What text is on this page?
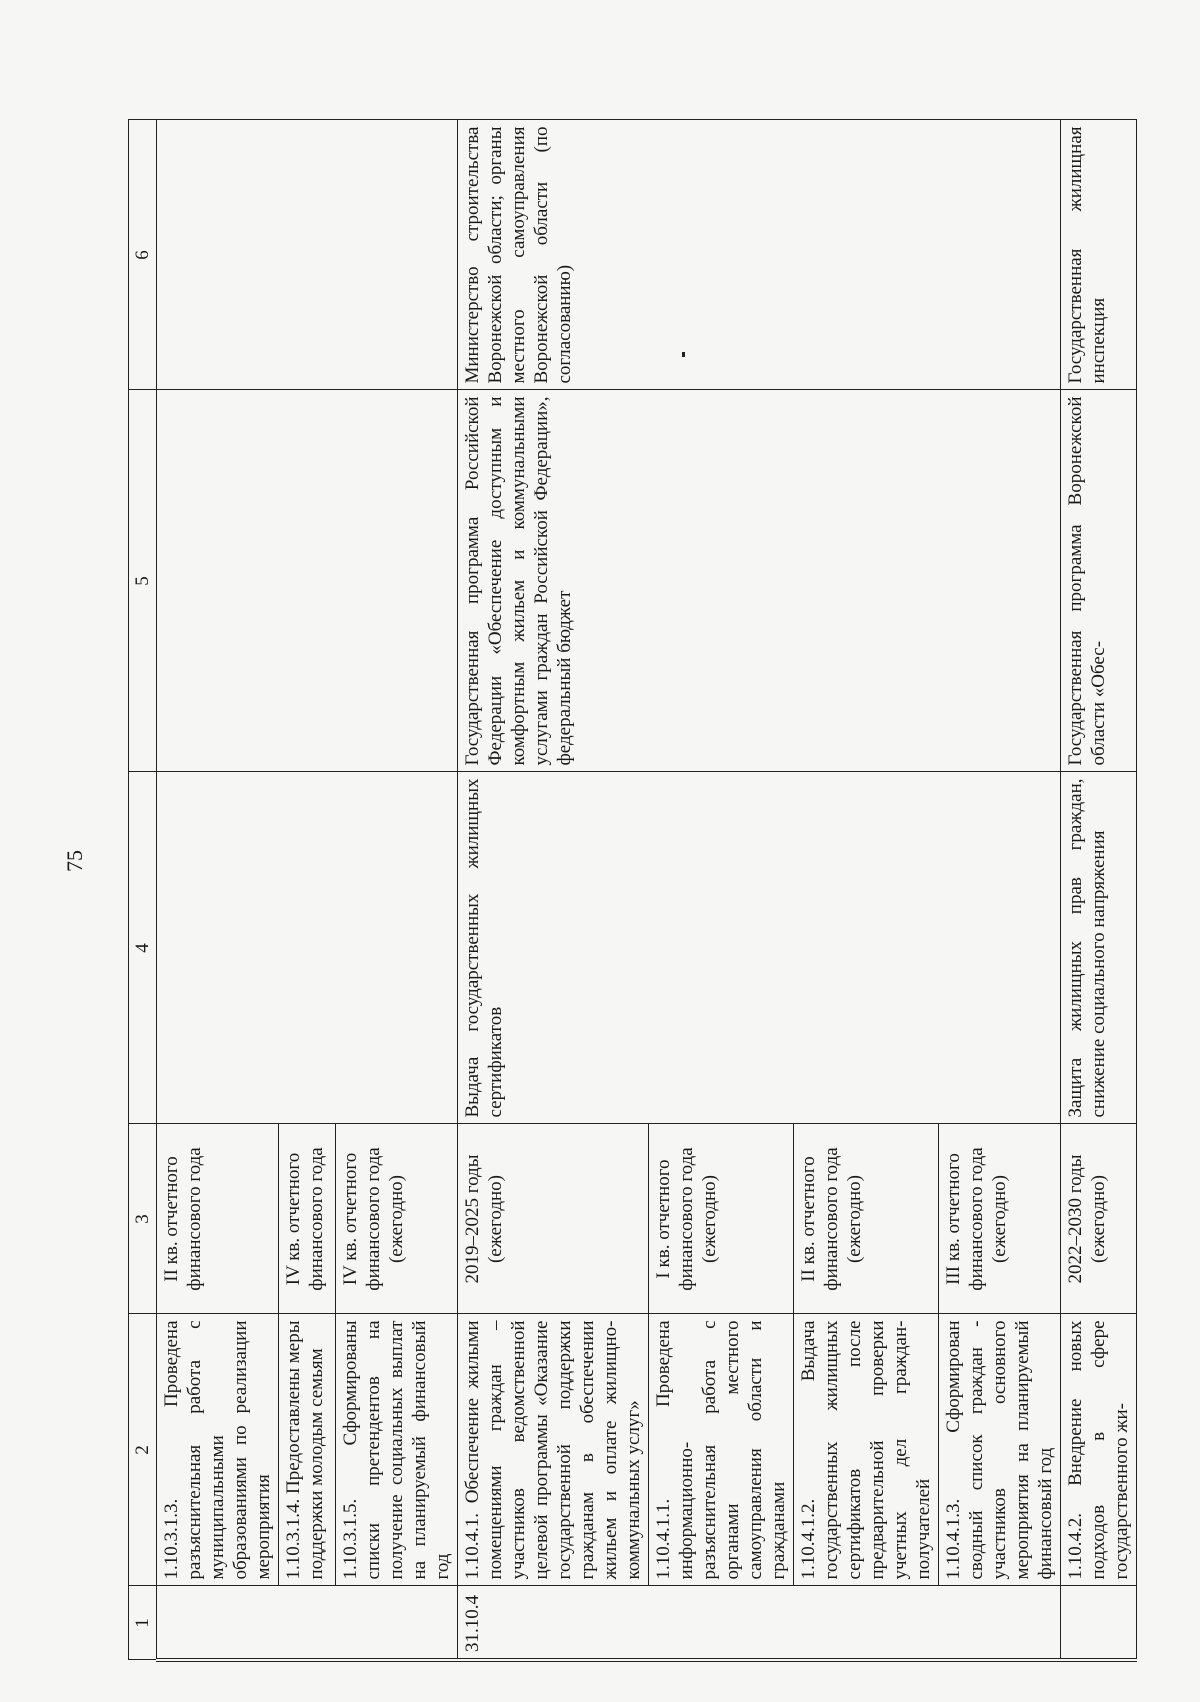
75
1	2	3	4	5	6
	1.10.3.1.3. Проведена разъяснительная работа с муниципальными образованиями по реализации мероприятия	II кв. отчетного финансового года			
	1.10.3.1.4. Предоставлены меры поддержки молодым семьям	IV кв. отчетного финансового года			
	1.10.3.1.5. Сформированы списки претендентов на получение социальных выплат на планируемый финансовый год	IV кв. отчетного финансового года (ежегодно)			
31.10.4	1.10.4.1. Обеспечение жилыми помещениями граждан – участников ведомственной целевой программы «Оказание государственной поддержки гражданам в обеспечении жильем и оплате жилищно-коммунальных услуг»	2019–2025 годы (ежегодно)	Выдача государственных жилищных сертификатов	Государственная программа Российской Федерации «Обеспечение доступным и комфортным жильем и коммунальными услугами граждан Российской Федерации», федеральный бюджет	Министерство строительства Воронежской области; органы местного самоуправления Воронежской области (по согласованию)
	1.10.4.1.1. Проведена информационно-разъяснительная работа с органами местного самоуправления области и гражданами	I кв. отчетного финансового года (ежегодно)			
	1.10.4.1.2. Выдача государственных жилищных сертификатов после предварительной проверки учетных дел граждан-получателей	II кв. отчетного финансового года (ежегодно)			
	1.10.4.1.3. Сформирован сводный список граждан - участников основного мероприятия на планируемый финансовый год	III кв. отчетного финансового года (ежегодно)			
	1.10.4.2. Внедрение новых подходов в сфере государственного жи-	2022–2030 годы (ежегодно)	Защита жилищных прав граждан, снижение социального напряжения	Государственная программа Воронежской области «Обес-	Государственная жилищная инспекция
